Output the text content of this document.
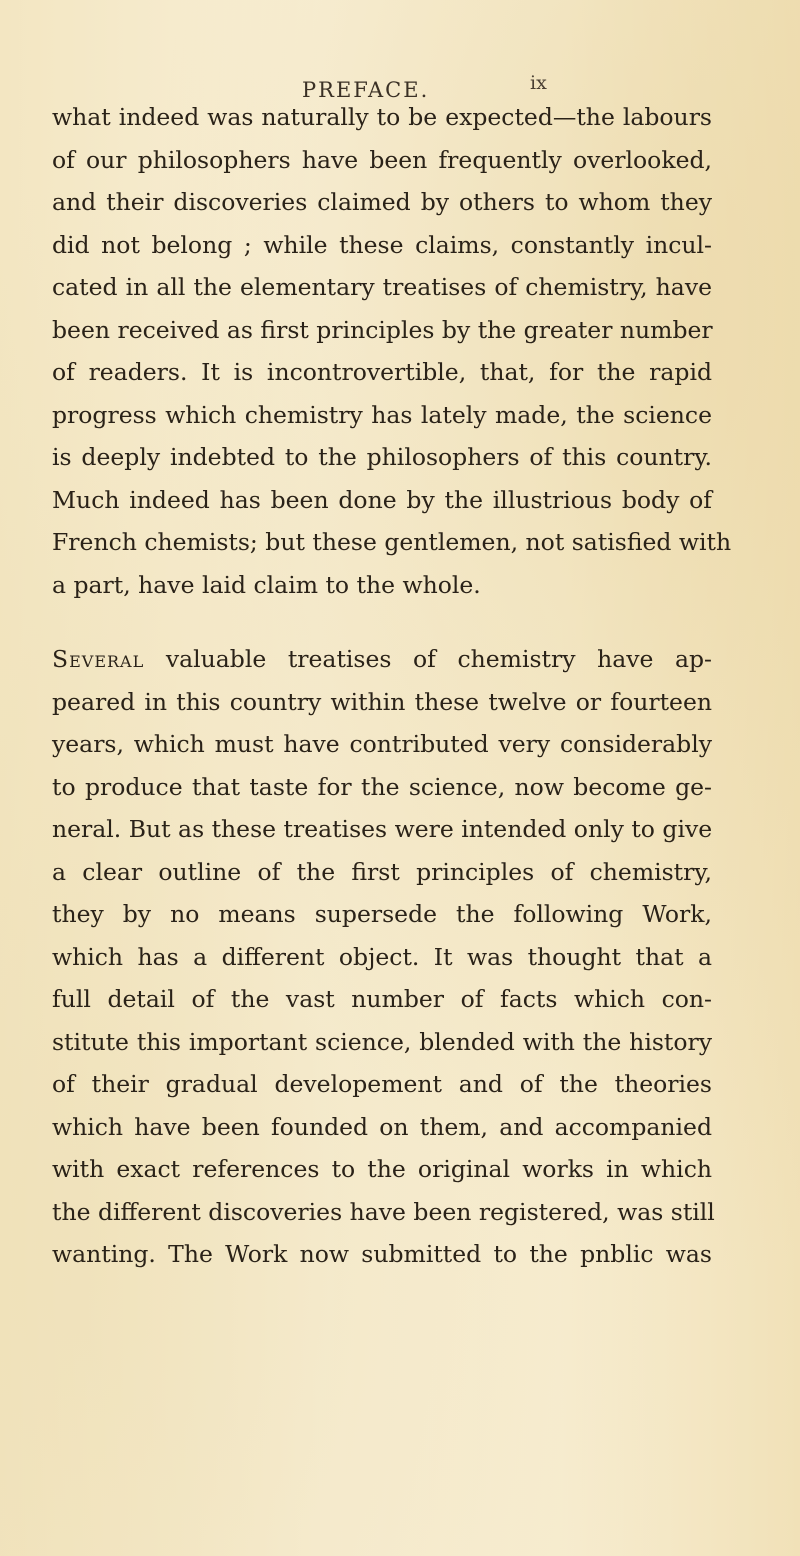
PREFACE.	ix
what indeed was naturally to be expected—the labours
of our philosophers have been frequently overlooked,
and their discoveries claimed by others to whom they
did not belong ; while these claims, constantly incul-
cated in all the elementary treatises of chemistry, have
been received as first principles by the greater number
of readers. It is incontrovertible, that, for the rapid
progress which chemistry has lately made, the science
is deeply indebted to the philosophers of this country.
Much indeed has been done by the illustrious body of
French chemists; but these gentlemen, not satisfied with
a part, have laid claim to the whole.
Several valuable treatises of chemistry have ap-
peared in this country within these twelve or fourteen
years, which must have contributed very considerably
to produce that taste for the science, now become ge-
neral. But as these treatises were intended only to give
a clear outline of the first principles of chemistry,
they by no means supersede the following Work,
which has a different object. It was thought that a
full detail of the vast number of facts which con-
stitute this important science, blended with the history
of their gradual developement and of the theories
which have been founded on them, and accompanied
with exact references to the original works in which
the different discoveries have been registered, was still
wanting. The Work now submitted to the pnblic was
